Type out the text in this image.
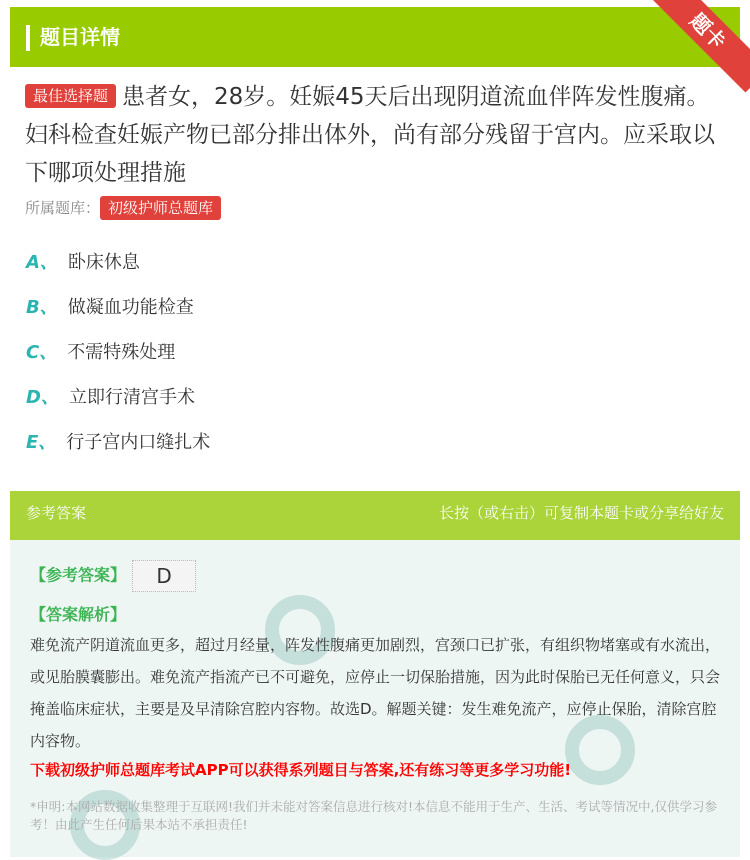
题目详情	题卡
最佳选择题 患者女，28岁。妊娠45天后出现阴道流血伴阵发性腹痛。妇科检查妊娠产物已部分排出体外，尚有部分残留于宫内。应采取以下哪项处理措施
所属题库： 初级护师总题库
A、 卧床休息
B、 做凝血功能检查
C、 不需特殊处理
D、 立即行清宫手术
E、 行子宫内口缝扎术
参考答案	长按（或右击）可复制本题卡或分享给好友
【参考答案】 D
【答案解析】
难免流产阴道流血更多，超过月经量，阵发性腹痛更加剧烈，宫颈口已扩张，有组织物堵塞或有水流出，或见胎膜囊膨出。难免流产指流产已不可避免，应停止一切保胎措施，因为此时保胎已无任何意义，只会掩盖临床症状，主要是及早清除宫腔内容物。故选D。解题关键：发生难免流产，应停止保胎，清除宫腔内容物。
下载初级护师总题库考试APP可以获得系列题目与答案,还有练习等更多学习功能!
*申明:本网站数据收集整理于互联网!我们并未能对答案信息进行核对!本信息不能用于生产、生活、考试等情况中,仅供学习参考！由此产生任何后果本站不承担责任!
